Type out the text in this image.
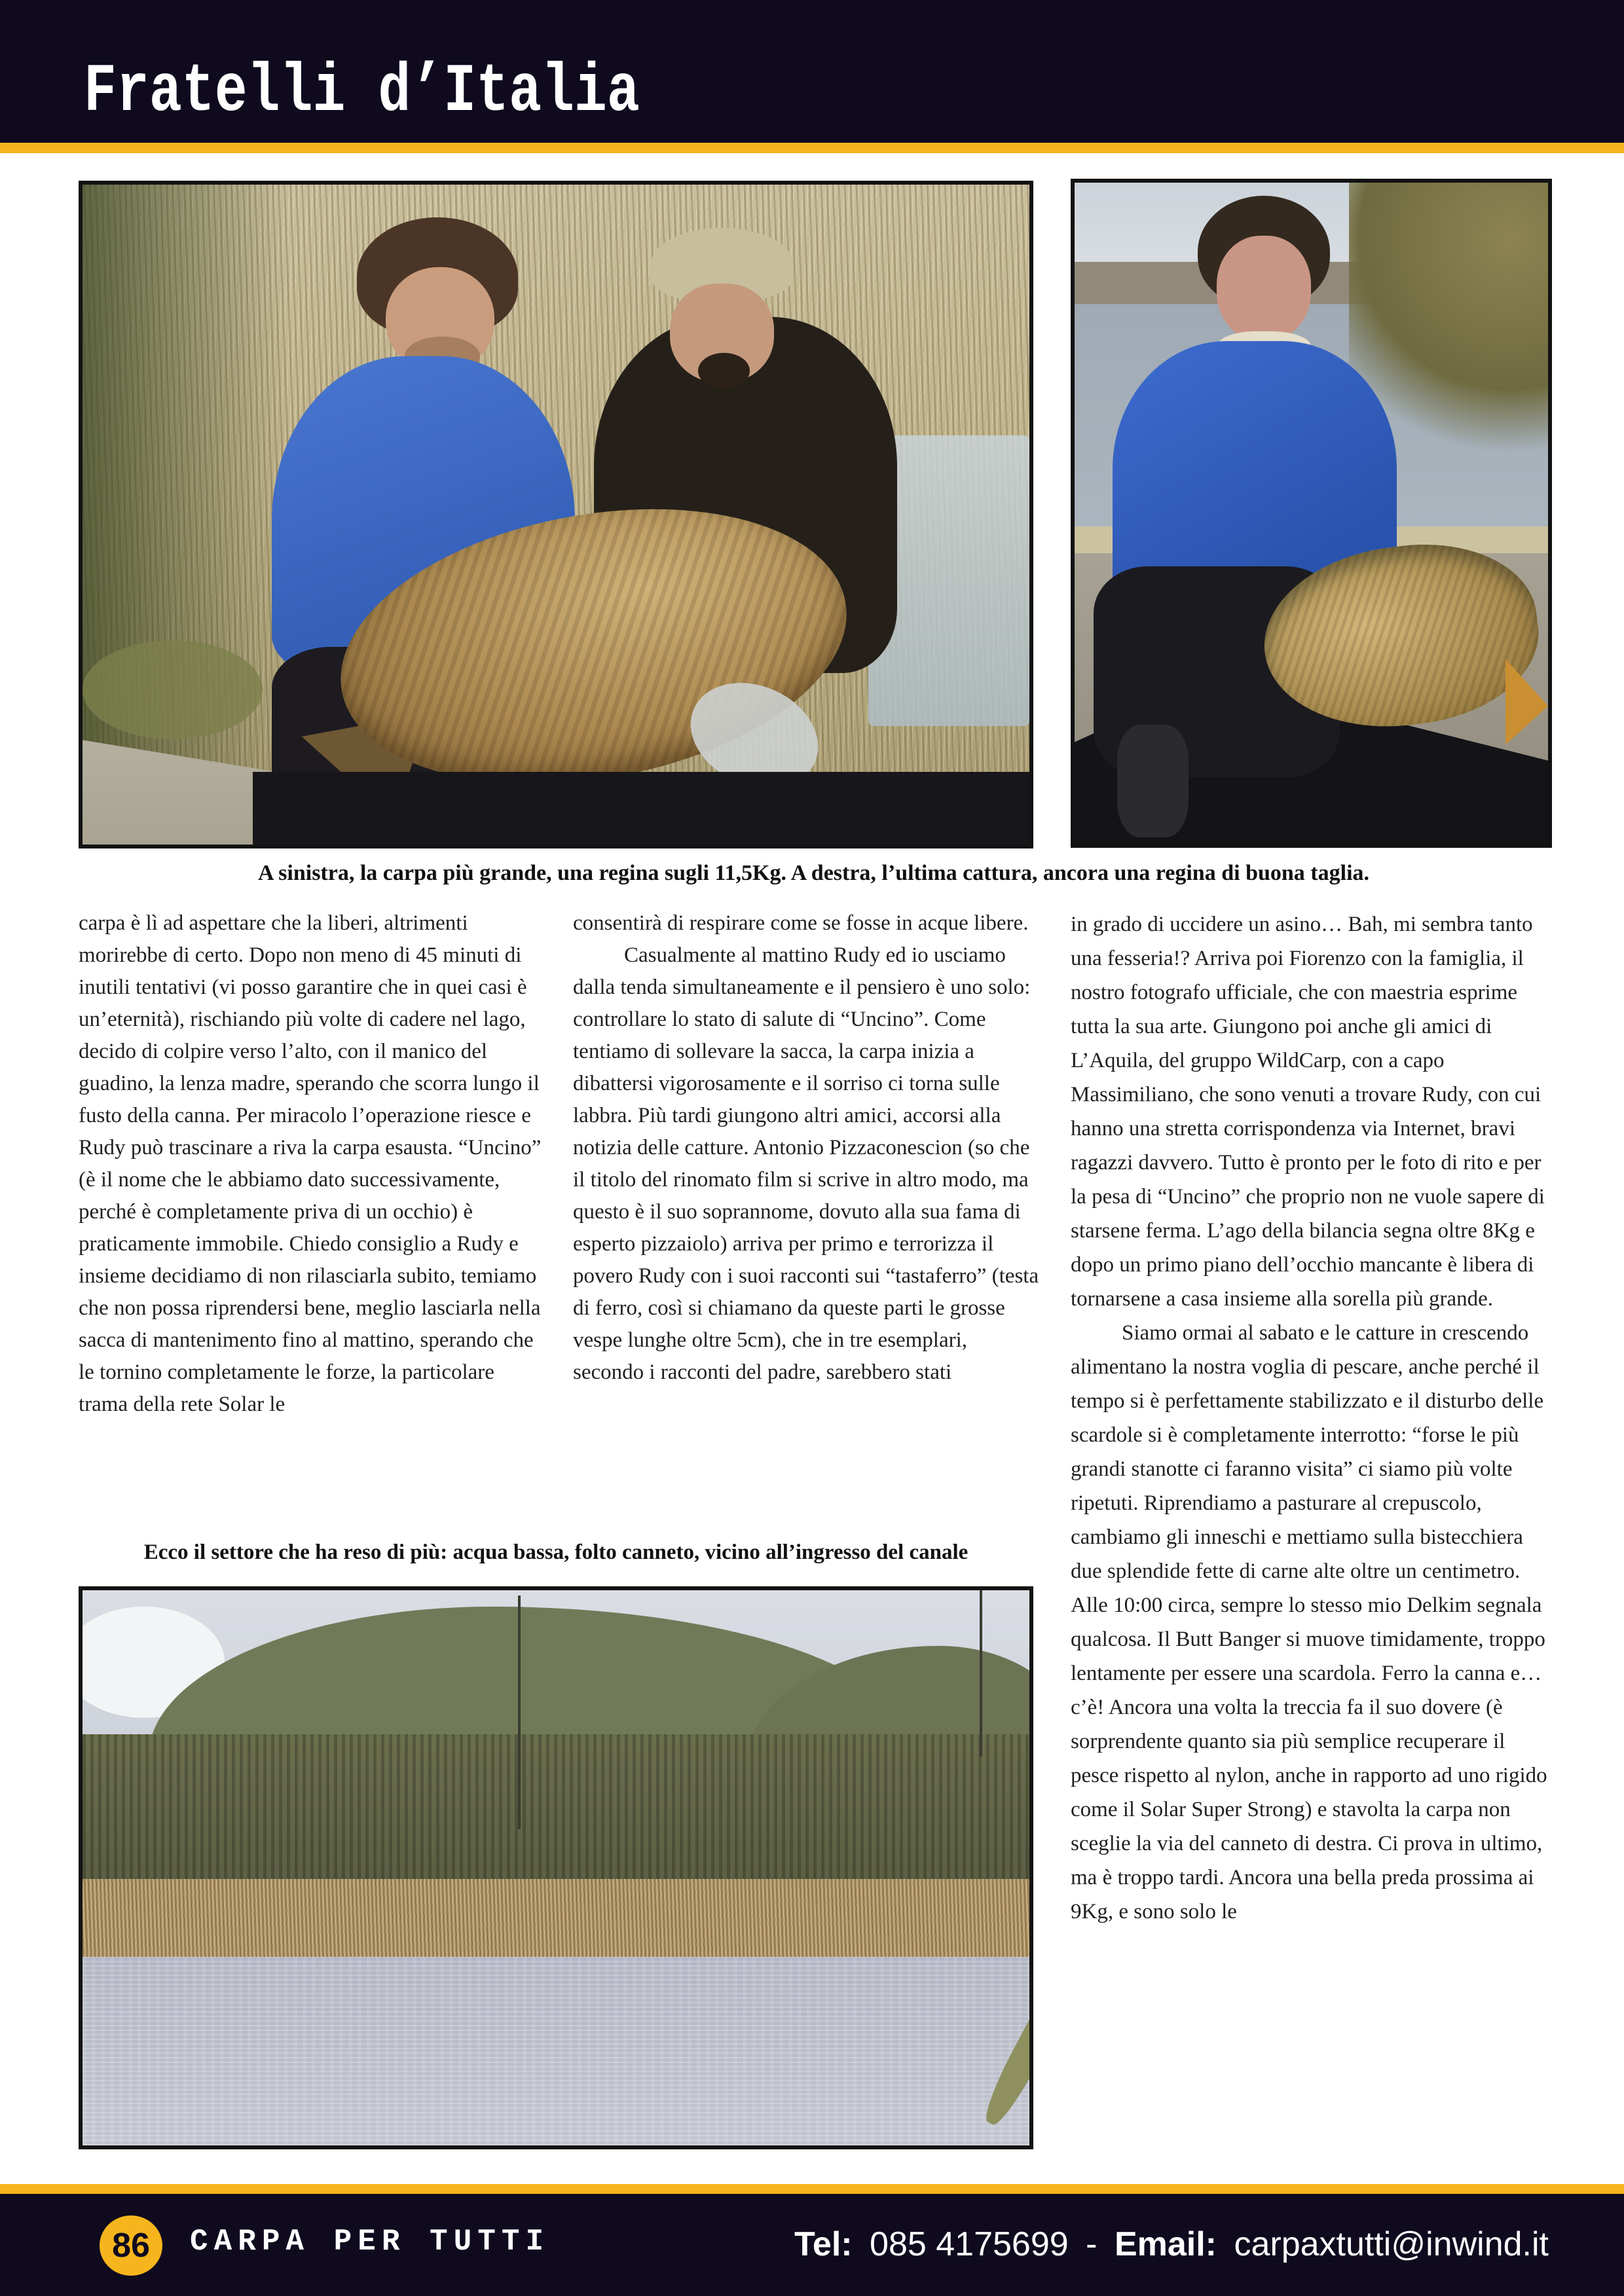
Fratelli d’Italia
A sinistra, la carpa più grande, una regina sugli 11,5Kg. A destra, l’ultima cattura, ancora una regina di buona taglia.

carpa è lì ad aspettare che la liberi, altrimenti morirebbe di certo. Dopo non meno di 45 minuti di inutili tentativi (vi posso garantire che in quei casi è un’eternità), rischiando più volte di cadere nel lago, decido di colpire verso l’alto, con il manico del guadino, la lenza madre, sperando che scorra lungo il fusto della canna. Per miracolo l’operazione riesce e Rudy può trascinare a riva la carpa esausta. “Uncino” (è il nome che le abbiamo dato successivamente, perché è completamente priva di un occhio) è praticamente immobile. Chiedo consiglio a Rudy e insieme decidiamo di non rilasciarla subito, temiamo che non possa riprendersi bene, meglio lasciarla nella sacca di mantenimento fino al mattino, sperando che le tornino completamente le forze, la particolare trama della rete Solar le

consentirà di respirare come se fosse in acque libere.

Casualmente al mattino Rudy ed io usciamo dalla tenda simultaneamente e il pensiero è uno solo: controllare lo stato di salute di “Uncino”. Come tentiamo di sollevare la sacca, la carpa inizia a dibattersi vigorosamente e il sorriso ci torna sulle labbra. Più tardi giungono altri amici, accorsi alla notizia delle catture. Antonio Pizzaconescion (so che il titolo del rinomato film si scrive in altro modo, ma questo è il suo soprannome, dovuto alla sua fama di esperto pizzaiolo) arriva per primo e terrorizza il povero Rudy con i suoi racconti sui “tastaferro” (testa di ferro, così si chiamano da queste parti le grosse vespe lunghe oltre 5cm), che in tre esemplari, secondo i racconti del padre, sarebbero stati

in grado di uccidere un asino… Bah, mi sembra tanto una fesseria!? Arriva poi Fiorenzo con la famiglia, il nostro fotografo ufficiale, che con maestria esprime tutta la sua arte. Giungono poi anche gli amici di L’Aquila, del gruppo WildCarp, con a capo Massimiliano, che sono venuti a trovare Rudy, con cui hanno una stretta corrispondenza via Internet, bravi ragazzi davvero. Tutto è pronto per le foto di rito e per la pesa di “Uncino” che proprio non ne vuole sapere di starsene ferma. L’ago della bilancia segna oltre 8Kg e dopo un primo piano dell’occhio mancante è libera di tornarsene a casa insieme alla sorella più grande.

Siamo ormai al sabato e le catture in crescendo alimentano la nostra voglia di pescare, anche perché il tempo si è perfettamente stabilizzato e il disturbo delle scardole si è completamente interrotto: “forse le più grandi stanotte ci faranno visita” ci siamo più volte ripetuti. Riprendiamo a pasturare al crepuscolo, cambiamo gli inneschi e mettiamo sulla bistecchiera due splendide fette di carne alte oltre un centimetro. Alle 10:00 circa, sempre lo stesso mio Delkim segnala qualcosa. Il Butt Banger si muove timidamente, troppo lentamente per essere una scardola. Ferro la canna e… c’è! Ancora una volta la treccia fa il suo dovere (è sorprendente quanto sia più semplice recuperare il pesce rispetto al nylon, anche in rapporto ad uno rigido come il Solar Super Strong) e stavolta la carpa non sceglie la via del canneto di destra. Ci prova in ultimo, ma è troppo tardi. Ancora una bella preda prossima ai 9Kg, e sono solo le

Ecco il settore che ha reso di più: acqua bassa, folto canneto, vicino all’ingresso del canale
86	CARPA PER TUTTI	Tel: 085 4175699 - Email: carpaxtutti@inwind.it
